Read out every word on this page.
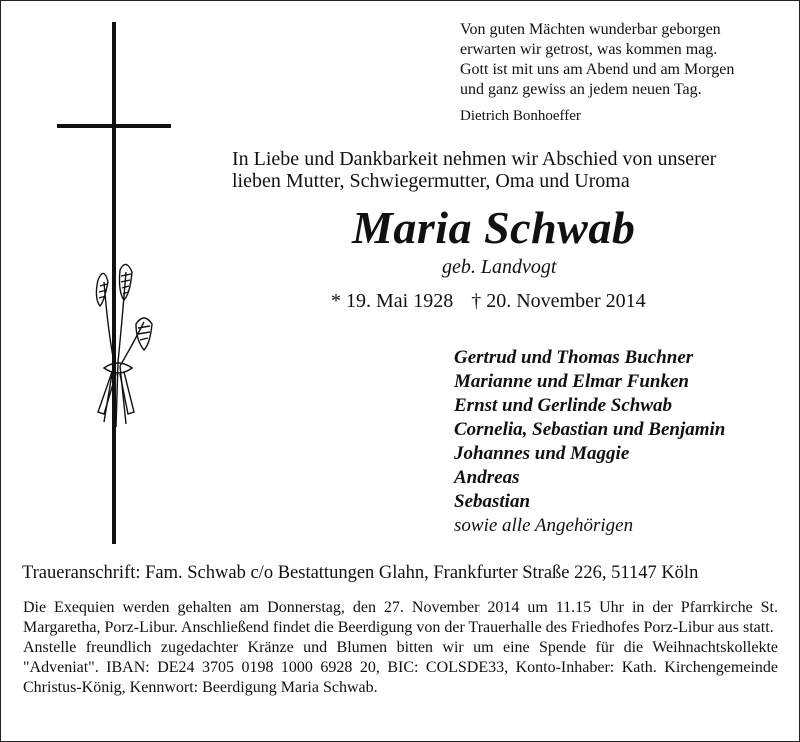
Von guten Mächten wunderbar geborgen
erwarten wir getrost, was kommen mag.
Gott ist mit uns am Abend und am Morgen
und ganz gewiss an jedem neuen Tag.
Dietrich Bonhoeffer
In Liebe und Dankbarkeit nehmen wir Abschied von unserer
lieben Mutter, Schwiegermutter, Oma und Uroma
Maria Schwab
geb. Landvogt
* 19. Mai 1928 † 20. November 2014
Gertrud und Thomas Buchner
Marianne und Elmar Funken
Ernst und Gerlinde Schwab
Cornelia, Sebastian und Benjamin
Johannes und Maggie
Andreas
Sebastian
sowie alle Angehörigen
Traueranschrift: Fam. Schwab c/o Bestattungen Glahn, Frankfurter Straße 226, 51147 Köln

Die Exequien werden gehalten am Donnerstag, den 27. November 2014 um 11.15 Uhr in der Pfarrkirche St. Margaretha, Porz-Libur. Anschließend findet die Beerdigung von der Trauerhalle des Friedhofes Porz-Libur aus statt.

Anstelle freundlich zugedachter Kränze und Blumen bitten wir um eine Spende für die Weihnachtskollekte "Adveniat". IBAN: DE24 3705 0198 1000 6928 20, BIC: COLSDE33, Konto-Inhaber: Kath. Kirchengemeinde Christus-König, Kennwort: Beerdigung Maria Schwab.
